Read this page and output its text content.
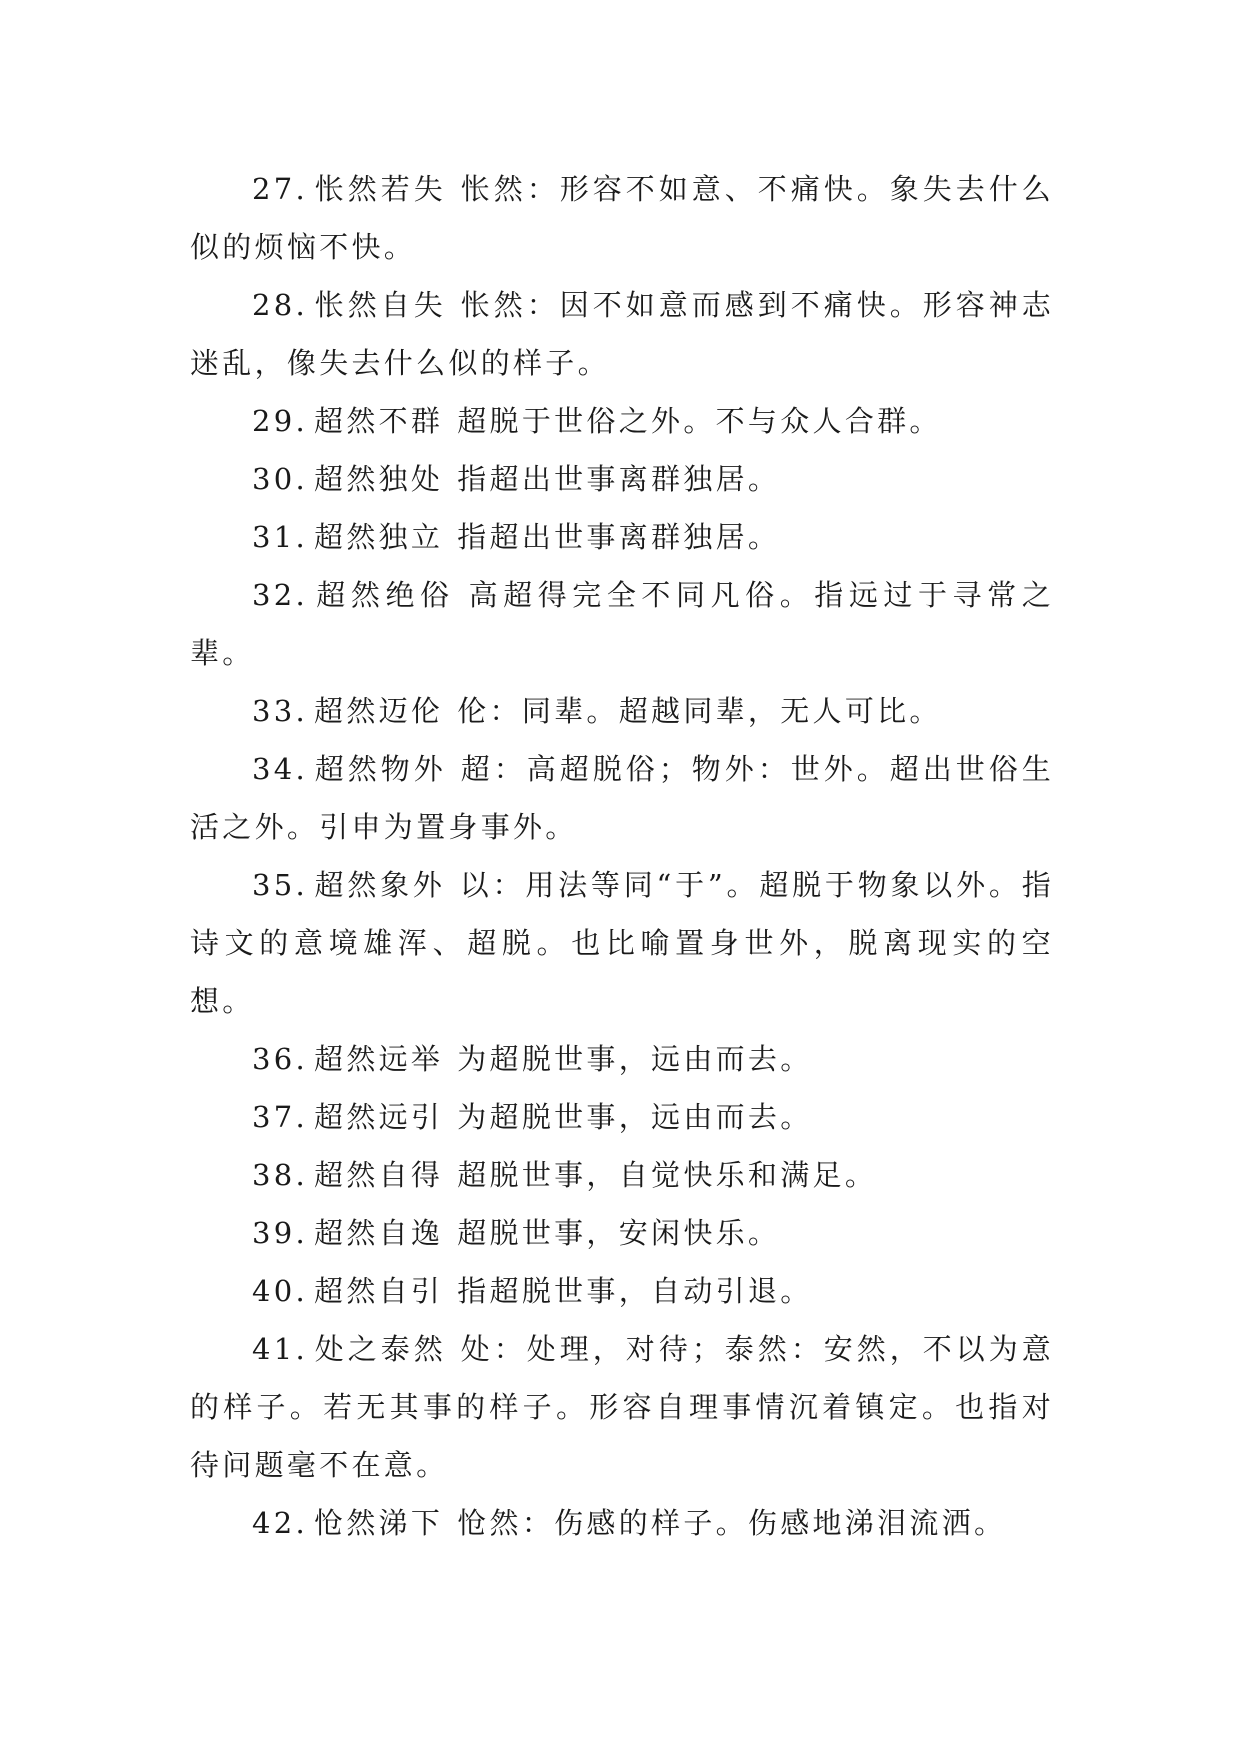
27. 怅然若失 怅然：形容不如意、不痛快。象失去什么似的烦恼不快。

28. 怅然自失 怅然：因不如意而感到不痛快。形容神志迷乱，像失去什么似的样子。

29. 超然不群 超脱于世俗之外。不与众人合群。

30. 超然独处 指超出世事离群独居。

31. 超然独立 指超出世事离群独居。

32. 超然绝俗 高超得完全不同凡俗。指远过于寻常之辈。

33. 超然迈伦 伦：同辈。超越同辈，无人可比。

34. 超然物外 超：高超脱俗；物外：世外。超出世俗生活之外。引申为置身事外。

35. 超然象外 以：用法等同“于”。超脱于物象以外。指诗文的意境雄浑、超脱。也比喻置身世外，脱离现实的空想。

36. 超然远举 为超脱世事，远由而去。

37. 超然远引 为超脱世事，远由而去。

38. 超然自得 超脱世事，自觉快乐和满足。

39. 超然自逸 超脱世事，安闲快乐。

40. 超然自引 指超脱世事，自动引退。

41. 处之泰然 处：处理，对待；泰然：安然，不以为意的样子。若无其事的样子。形容自理事情沉着镇定。也指对待问题毫不在意。

42. 怆然涕下 怆然：伤感的样子。伤感地涕泪流洒。
